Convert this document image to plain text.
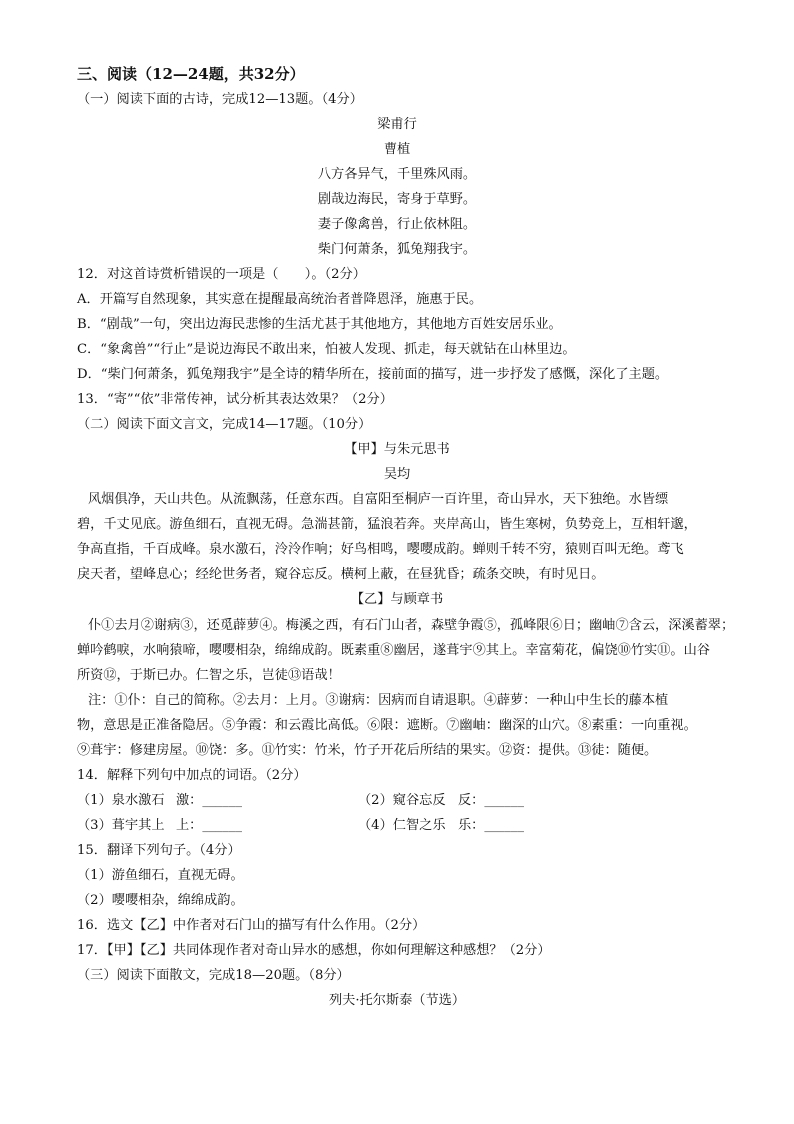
三、阅读（12—24题，共32分）
（一）阅读下面的古诗，完成12—13题。（4分）
梁甫行
曹植
八方各异气，千里殊风雨。
剧哉边海民，寄身于草野。
妻子像禽兽，行止依林阻。
柴门何萧条，狐兔翔我宇。
12．对这首诗赏析错误的一项是（　　）。（2分）
A．开篇写自然现象，其实意在提醒最高统治者普降恩泽，施惠于民。
B．“剧哉”一句，突出边海民悲惨的生活尤甚于其他地方，其他地方百姓安居乐业。
C．“象禽兽”“行止”是说边海民不敢出来，怕被人发现、抓走，每天就钻在山林里边。
D．“柴门何萧条，狐兔翔我宇”是全诗的精华所在，接前面的描写，进一步抒发了感慨，深化了主题。
13．“寄”“依”非常传神，试分析其表达效果？（2分）
（二）阅读下面文言文，完成14—17题。（10分）
【甲】与朱元思书
吴均
风烟俱净，天山共色。从流飘荡，任意东西。自富阳至桐庐一百许里，奇山异水，天下独绝。水皆缥
碧，千丈见底。游鱼细石，直视无碍。急湍甚箭，猛浪若奔。夹岸高山，皆生寒树，负势竞上，互相轩邈，
争高直指，千百成峰。泉水激石，泠泠作响；好鸟相鸣，嘤嘤成韵。蝉则千转不穷，猿则百叫无绝。鸢飞
戾天者，望峰息心；经纶世务者，窥谷忘反。横柯上蔽，在昼犹昏；疏条交映，有时见日。
【乙】与顾章书
仆①去月②谢病③，还觅薜萝④。梅溪之西，有石门山者，森壁争霞⑤，孤峰限⑥日；幽岫⑦含云，深溪蓄翠；
蝉吟鹤唳，水响猿啼，嘤嘤相杂，绵绵成韵。既素重⑧幽居，遂葺宇⑨其上。幸富菊花，偏饶⑩竹实⑪。山谷
所资⑫，于斯已办。仁智之乐，岂徒⑬语哉！
注：①仆：自己的简称。②去月：上月。③谢病：因病而自请退职。④薜萝：一种山中生长的藤本植
物，意思是正准备隐居。⑤争霞：和云霞比高低。⑥限：遮断。⑦幽岫：幽深的山穴。⑧素重：一向重视。
⑨葺宇：修建房屋。⑩饶：多。⑪竹实：竹米，竹子开花后所结的果实。⑫资：提供。⑬徒：随便。
14．解释下列句中加点的词语。（2分）
（1）泉水激石 激：______	（2）窥谷忘反 反：______
（3）葺宇其上 上：______	（4）仁智之乐 乐：______
15．翻译下列句子。（4分）
（1）游鱼细石，直视无碍。
（2）嘤嘤相杂，绵绵成韵。
16．选文【乙】中作者对石门山的描写有什么作用。（2分）
17．【甲】【乙】共同体现作者对奇山异水的感想，你如何理解这种感想？（2分）
（三）阅读下面散文，完成18—20题。（8分）
列夫·托尔斯泰（节选）
